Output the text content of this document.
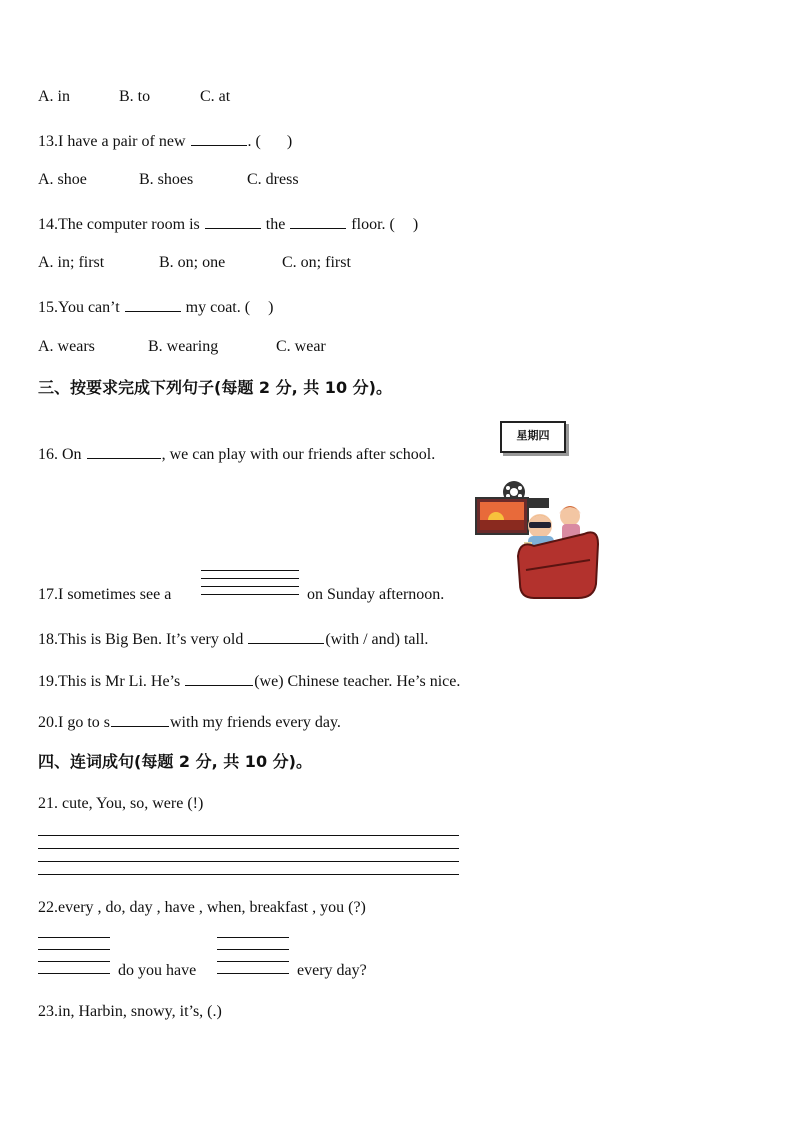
A. in	B. to	C. at
13.I have a pair of new	. ( )
A. shoe	B. shoes	C. dress
14.The computer room is	the	floor. ( )
A. in; first	B. on; one	C. on; first
15.You can’t	my coat. ( )
A. wears	B. wearing	C. wear
三、按要求完成下列句子(每题 2 分, 共 10 分)。
16. On	, we can play with our friends after school.
星期四
17.I sometimes see a	on Sunday afternoon.
18.This is Big Ben. It’s very old	(with / and) tall.
19.This is Mr Li. He’s	(we) Chinese teacher. He’s nice.
20.I go to s	with my friends every day.
四、连词成句(每题 2 分, 共 10 分)。
21. cute, You, so, were (!)
22.every , do, day , have , when, breakfast , you (?)
do you have	every day?
23.in, Harbin, snowy, it’s, (.)
